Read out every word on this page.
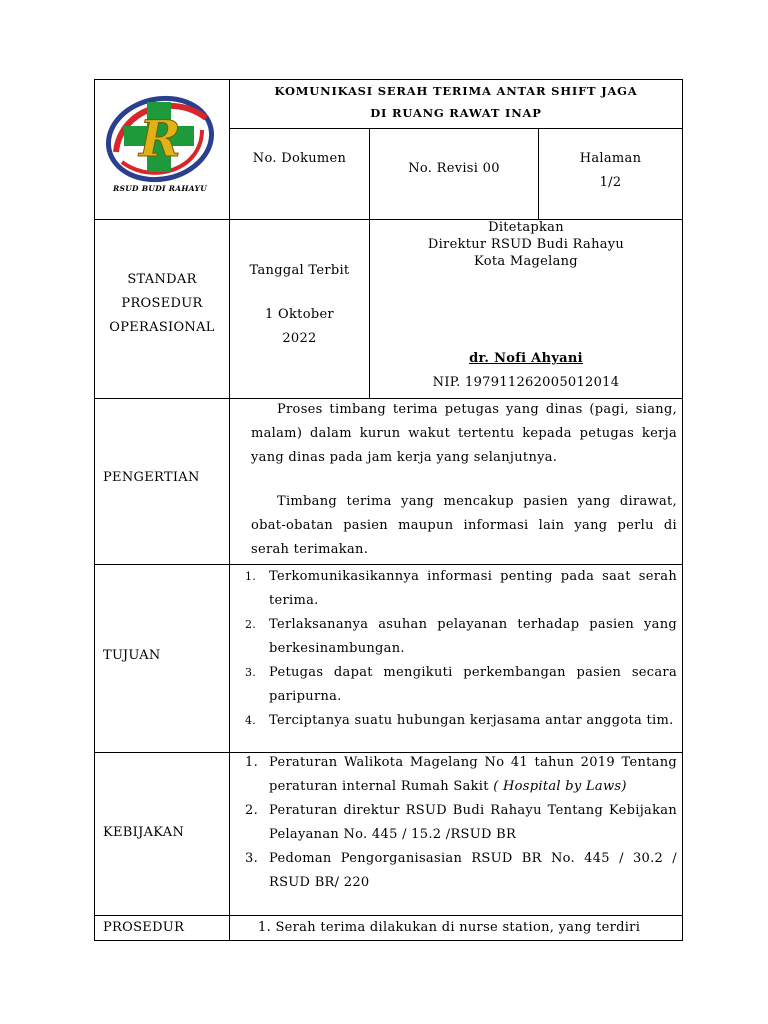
R
RSUD BUDI RAHAYU
KOMUNIKASI SERAH TERIMA ANTAR SHIFT JAGA
DI RUANG RAWAT INAP
No. Dokumen
No. Revisi 00
Halaman
1/2
STANDAR
PROSEDUR
OPERASIONAL
Tanggal Terbit
1 Oktober
2022
Ditetapkan
Direktur RSUD Budi Rahayu
Kota Magelang
dr. Nofi Ahyani
NIP. 197911262005012014
PENGERTIAN
Proses timbang terima petugas yang dinas (pagi, siang, malam) dalam kurun wakut tertentu kepada petugas kerja yang dinas pada jam kerja yang selanjutnya.
Timbang terima yang mencakup pasien yang dirawat, obat-obatan pasien maupun informasi lain yang perlu di serah terimakan.
TUJUAN
1. Terkomunikasikannya informasi penting pada saat serah terima.
2. Terlaksananya asuhan pelayanan terhadap pasien yang berkesinambungan.
3. Petugas dapat mengikuti perkembangan pasien secara paripurna.
4. Terciptanya suatu hubungan kerjasama antar anggota tim.
KEBIJAKAN
1. Peraturan Walikota Magelang No 41 tahun 2019 Tentang peraturan internal Rumah Sakit ( Hospital by Laws)
2. Peraturan direktur RSUD Budi Rahayu Tentang Kebijakan Pelayanan No. 445 / 15.2 /RSUD BR
3. Pedoman Pengorganisasian RSUD BR No. 445 / 30.2 / RSUD BR/ 220
PROSEDUR	1. Serah terima dilakukan di nurse station, yang terdiri
